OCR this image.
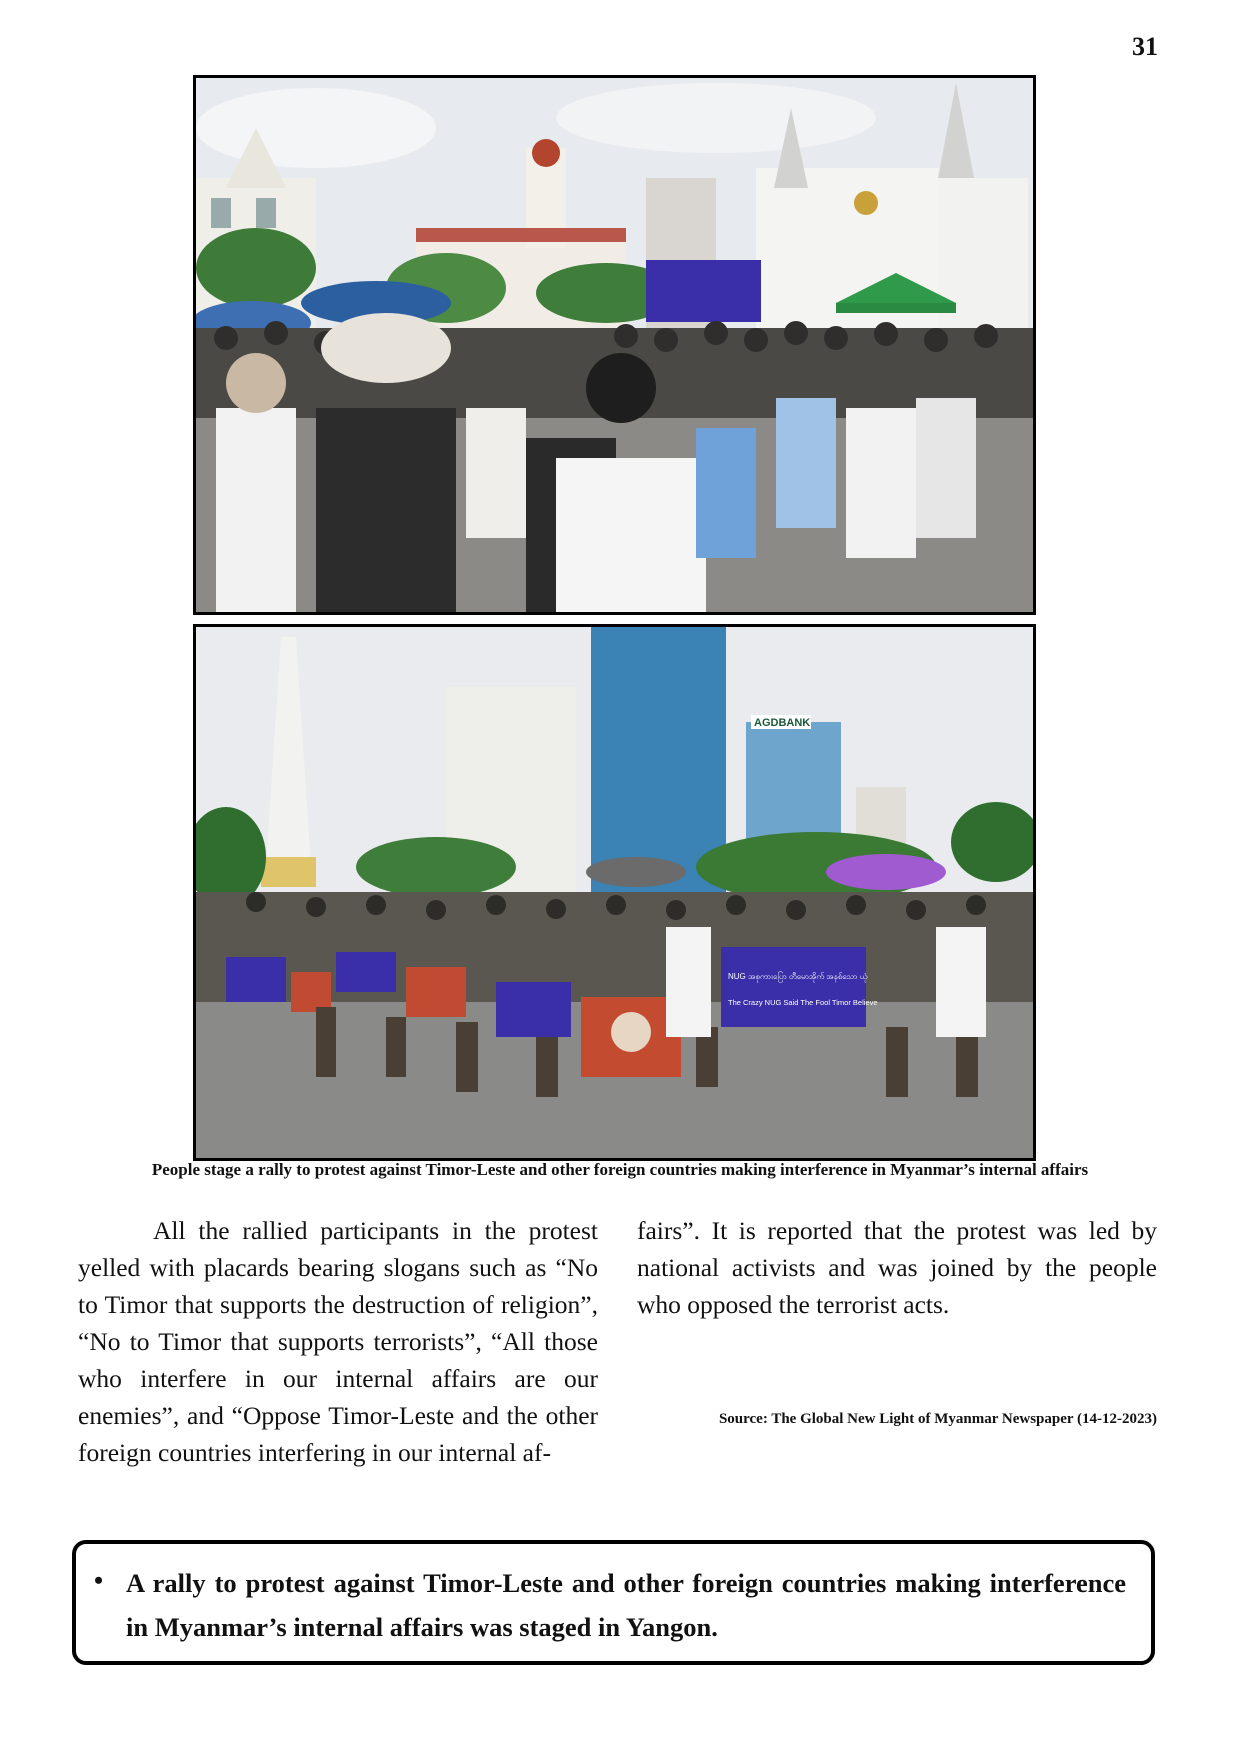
31
AGDBANK
NUG အစုကားပြော တီမောအိုက် အနစ်သော ယုံ
The Crazy NUG Said The Fool Timor Believe
People stage a rally to protest against Timor-Leste and other foreign countries making interference in Myanmar’s internal affairs

All the rallied participants in the protest yelled with placards bearing slogans such as “No to Timor that supports the destruction of religion”, “No to Timor that supports terrorists”, “All those who interfere in our internal affairs are our enemies”, and “Oppose Timor-Leste and the other foreign countries interfering in our internal af-

fairs”. It is reported that the protest was led by national activists and was joined by the people who opposed the terrorist acts.

Source: The Global New Light of Myanmar Newspaper (14-12-2023)
• A rally to protest against Timor-Leste and other foreign countries making interference in Myanmar’s internal affairs was staged in Yangon.
